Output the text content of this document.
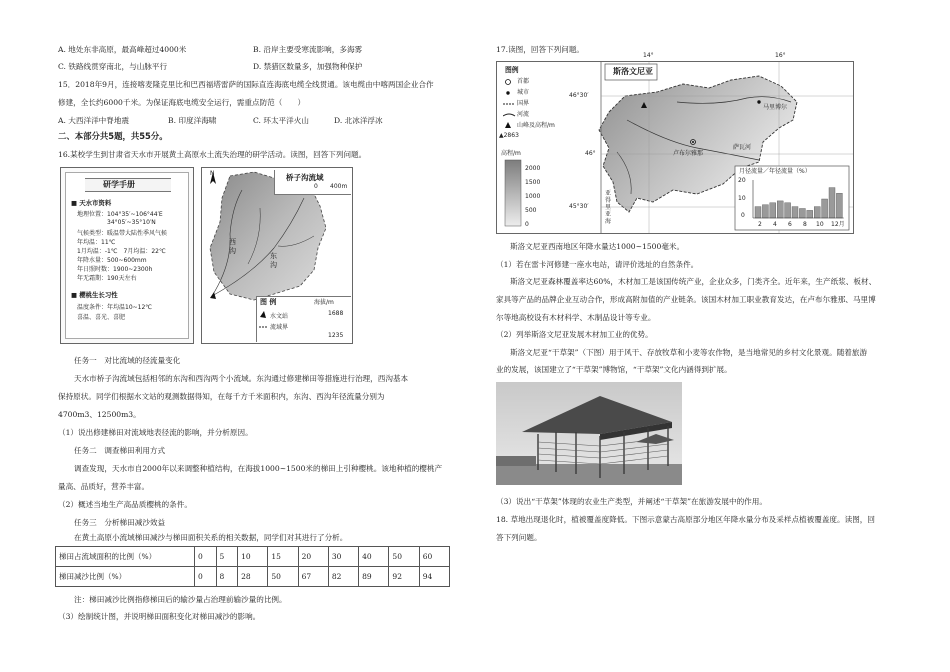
A. 地处东非高原，最高峰超过4000米	B. 沿岸主要受寒流影响，多海雾
C. 铁路线贯穿南北，与山脉平行	D. 禁猎区数量多，加强物种保护
15．2018年9月，连接喀麦隆克里比和巴西福塔雷萨的国际直连海底电缆全线贯通。该电缆由中喀两国企业合作
修建，全长约6000千米。为保证海底电缆安全运行，需重点防范（　　）
A. 大西洋洋中脊地震	B. 印度洋海啸	C. 环太平洋火山	D. 北冰洋浮冰
二、本部分共5题，共55分。
16.某校学生到甘肃省天水市开展黄土高原水土流失治理的研学活动。读图，回答下列问题。
研学手册
■ 天水市资料
地理位置：104°35′~106°44′E
　　　　　34°05′~35°10′N
气候类型：暖温带大陆性季风气候
年均温：11℃
1月均温：-1℃　7月均温：22℃
年降水量：500~600mm
年日照时数：1900~2300h
年无霜期：190天左右
■ 樱桃生长习性
温度条件：年均温10~12℃
喜温、喜光、喜肥
N	桥子沟流域
0 400m
西沟
东沟
图 例
水文站
流域界
海拔/m
1688
1235
任务一　对比流域的径流量变化
天水市桥子沟流域包括相邻的东沟和西沟两个小流域。东沟通过修建梯田等措施进行治理，西沟基本
保持原状。同学们根据水文站的观测数据得知，在每千方千米面积内，东沟、西沟年径流量分别为
4700m3、12500m3。
（1）说出修建梯田对流域地表径流的影响，并分析原因。
任务二　调查梯田利用方式
调查发现，天水市自2000年以来调整种植结构，在海拔1000~1500米的梯田上引种樱桃。该地种植的樱桃产
量高、品质好，营养丰富。
（2）概述当地生产高品质樱桃的条件。
任务三　分析梯田减沙效益
在黄土高原小流域梯田减沙与梯田面积关系的相关数据，同学们对其进行了分析。
梯田占流域面积的比例（%）	0	5	10	15	20	30	40	50	60
梯田减沙比例（%）	0	8	28	50	67	82	89	92	94
注：梯田减沙比例指修梯田后的输沙量占治理前输沙量的比例。
（3）绘制统计图，并说明梯田面积变化对梯田减沙的影响。
17.读图，回答下列问题。
斯洛文尼亚
14°	16°
46°30′
46°
45°30′
图例
首都
城市
国界
河流
山峰及高程/m
▲2863
高程/m
2000
1500
1000
500
0
马里博尔
卢布尔雅那
萨瓦河
亚得里亚海
月径流量／年径流量（%）
20
10
0
2 4 6 8 10 12月
斯洛文尼亚西南地区年降水量达1000~1500毫米。
（1）若在雷卡河修建一座水电站，请评价选址的自然条件。
斯洛文尼亚森林覆盖率达60%，木材加工是该国传统产业，企业众多，门类齐全。近年来，生产纸浆、板材、
家具等产品的品牌企业互动合作，形成高附加值的产业链条。该国木材加工职业教育发达，在卢布尔雅那、马里博
尔等地高校设有木材科学、木制品设计等专业。
（2）列举斯洛文尼亚发展木材加工业的优势。
斯洛文尼亚“干草架”（下图）用于风干、存放牧草和小麦等农作物，是当地常见的乡村文化景观。随着旅游
业的发展，该国建立了“干草架”博物馆，“干草架”文化内涵得到扩展。
（3）说出“干草架”体现的农业生产类型，并阐述“干草架”在旅游发展中的作用。
18. 草地出现退化时，植被覆盖度降低。下图示意蒙古高原部分地区年降水量分布及采样点植被覆盖度。读图，回
答下列问题。
